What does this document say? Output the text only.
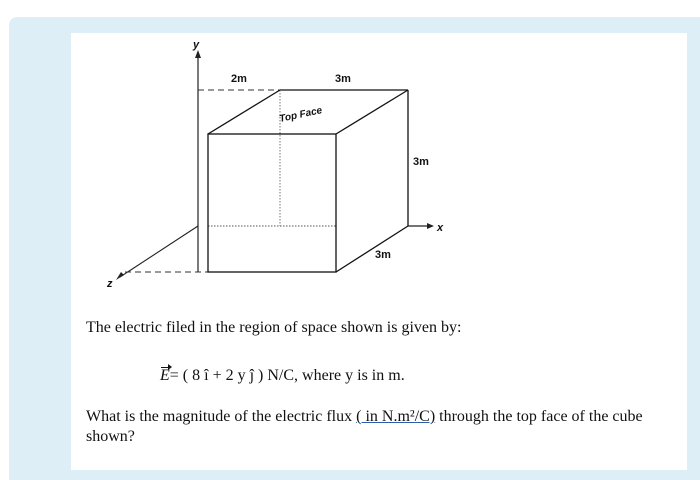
y
x
z
2m	3m
3m
3m
Top Face

The electric filed in the region of space shown is given by:

E= ( 8 î + 2 y ĵ ) N/C, where y is in m.

What is the magnitude of the electric flux ( in N.m²/C) through the top face of the cube shown?
